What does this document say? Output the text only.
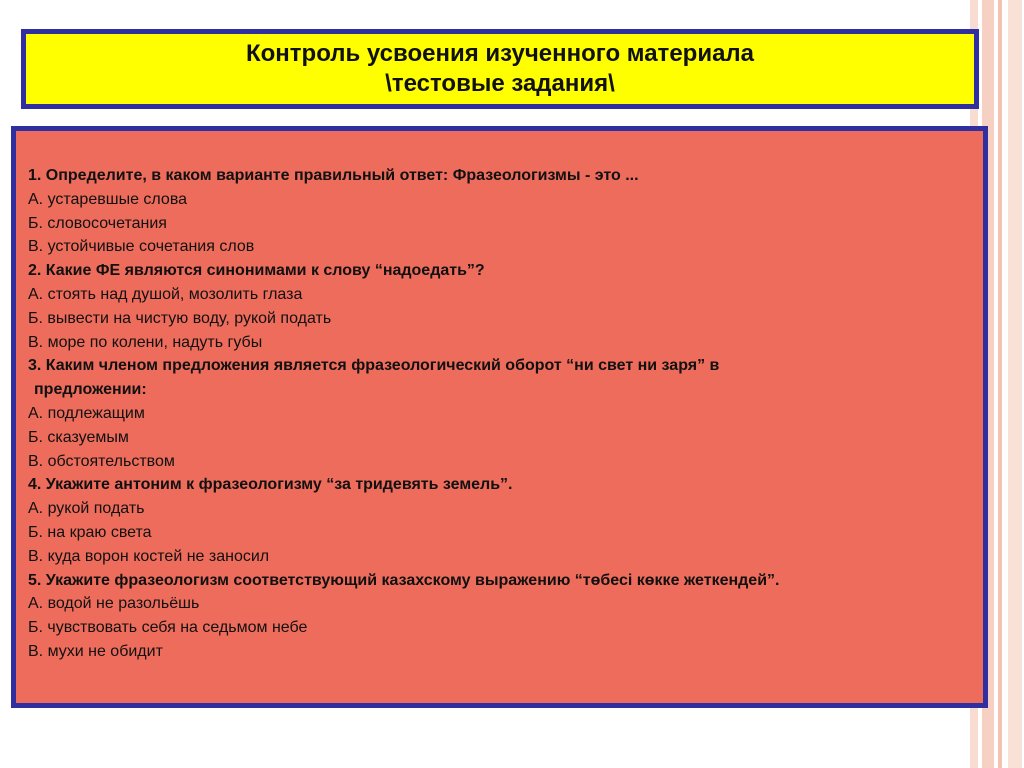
Контроль усвоения изученного материала
\тестовые задания\
1. Определите, в каком варианте правильный ответ: Фразеологизмы - это ...
А. устаревшые слова
Б. словосочетания
В. устойчивые сочетания слов
2. Какие ФЕ являются синонимами к слову “надоедать”?
А. стоять над душой, мозолить глаза
Б. вывести на чистую воду, рукой подать
В. море по колени, надуть губы
3. Каким членом предложения является фразеологический оборот “ни свет ни заря” в
предложении:
А. подлежащим
Б. сказуемым
В. обстоятельством
4. Укажите антоним к фразеологизму “за тридевять земель”.
А. рукой подать
Б. на краю света
В. куда ворон костей не заносил
5. Укажите фразеологизм соответствующий казахскому выражению “төбесі көкке жеткендей”.
А. водой не разольёшь
Б. чувствовать себя на седьмом небе
В. мухи не обидит
